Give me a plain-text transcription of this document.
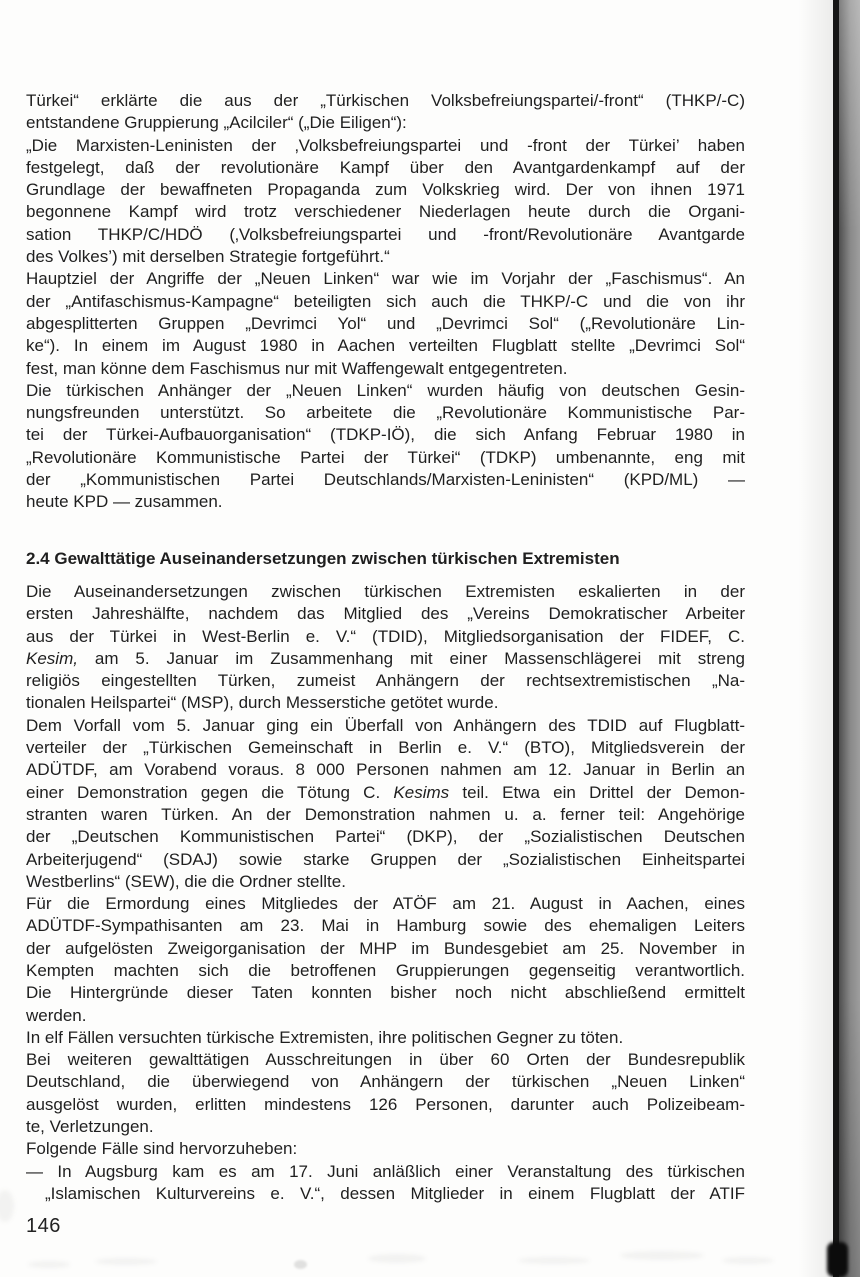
Türkei“ erklärte die aus der „Türkischen Volksbefreiungspartei/-front“ (THKP/-C)
entstandene Gruppierung „Acilciler“ („Die Eiligen“):
„Die Marxisten-Leninisten der ‚Volksbefreiungspartei und -front der Türkei’ haben
festgelegt, daß der revolutionäre Kampf über den Avantgardenkampf auf der
Grundlage der bewaffneten Propaganda zum Volkskrieg wird. Der von ihnen 1971
begonnene Kampf wird trotz verschiedener Niederlagen heute durch die Organi-
sation THKP/C/HDÖ (‚Volksbefreiungspartei und -front/Revolutionäre Avantgarde
des Volkes’) mit derselben Strategie fortgeführt.“
Hauptziel der Angriffe der „Neuen Linken“ war wie im Vorjahr der „Faschismus“. An
der „Antifaschismus-Kampagne“ beteiligten sich auch die THKP/-C und die von ihr
abgesplitterten Gruppen „Devrimci Yol“ und „Devrimci Sol“ („Revolutionäre Lin-
ke“). In einem im August 1980 in Aachen verteilten Flugblatt stellte „Devrimci Sol“
fest, man könne dem Faschismus nur mit Waffengewalt entgegentreten.
Die türkischen Anhänger der „Neuen Linken“ wurden häufig von deutschen Gesin-
nungsfreunden unterstützt. So arbeitete die „Revolutionäre Kommunistische Par-
tei der Türkei-Aufbauorganisation“ (TDKP-IÖ), die sich Anfang Februar 1980 in
„Revolutionäre Kommunistische Partei der Türkei“ (TDKP) umbenannte, eng mit
der „Kommunistischen Partei Deutschlands/Marxisten-Leninisten“ (KPD/ML) —
heute KPD — zusammen.
2.4 Gewalttätige Auseinandersetzungen zwischen türkischen Extremisten
Die Auseinandersetzungen zwischen türkischen Extremisten eskalierten in der
ersten Jahreshälfte, nachdem das Mitglied des „Vereins Demokratischer Arbeiter
aus der Türkei in West-Berlin e. V.“ (TDID), Mitgliedsorganisation der FIDEF, C.
Kesim, am 5. Januar im Zusammenhang mit einer Massenschlägerei mit streng
religiös eingestellten Türken, zumeist Anhängern der rechtsextremistischen „Na-
tionalen Heilspartei“ (MSP), durch Messerstiche getötet wurde.
Dem Vorfall vom 5. Januar ging ein Überfall von Anhängern des TDID auf Flugblatt-
verteiler der „Türkischen Gemeinschaft in Berlin e. V.“ (BTO), Mitgliedsverein der
ADÜTDF, am Vorabend voraus. 8 000 Personen nahmen am 12. Januar in Berlin an
einer Demonstration gegen die Tötung C. Kesims teil. Etwa ein Drittel der Demon-
stranten waren Türken. An der Demonstration nahmen u. a. ferner teil: Angehörige
der „Deutschen Kommunistischen Partei“ (DKP), der „Sozialistischen Deutschen
Arbeiterjugend“ (SDAJ) sowie starke Gruppen der „Sozialistischen Einheitspartei
Westberlins“ (SEW), die die Ordner stellte.
Für die Ermordung eines Mitgliedes der ATÖF am 21. August in Aachen, eines
ADÜTDF-Sympathisanten am 23. Mai in Hamburg sowie des ehemaligen Leiters
der aufgelösten Zweigorganisation der MHP im Bundesgebiet am 25. November in
Kempten machten sich die betroffenen Gruppierungen gegenseitig verantwortlich.
Die Hintergründe dieser Taten konnten bisher noch nicht abschließend ermittelt
werden.
In elf Fällen versuchten türkische Extremisten, ihre politischen Gegner zu töten.
Bei weiteren gewalttätigen Ausschreitungen in über 60 Orten der Bundesrepublik
Deutschland, die überwiegend von Anhängern der türkischen „Neuen Linken“
ausgelöst wurden, erlitten mindestens 126 Personen, darunter auch Polizeibeam-
te, Verletzungen.
Folgende Fälle sind hervorzuheben:
— In Augsburg kam es am 17. Juni anläßlich einer Veranstaltung des türkischen
„Islamischen Kulturvereins e. V.“, dessen Mitglieder in einem Flugblatt der ATIF
146
